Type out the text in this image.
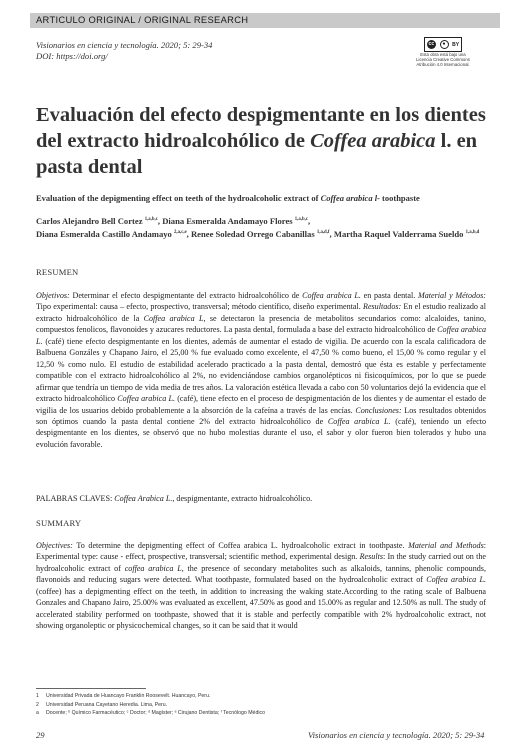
ARTICULO ORIGINAL / ORIGINAL RESEARCH
Visionarios en ciencia y tecnología. 2020; 5: 29-34
DOI: https://doi.org/
cc	●	BY
Esta obra está bajo una Licencia Creative Commons Atribución 4.0 Internacional.
Evaluación del efecto despigmentante en los dientes del extracto hidroalcohólico de Coffea arabica l. en pasta dental
Evaluation of the depigmenting effect on teeth of the hydroalcoholic extract of Coffea arabica l- toothpaste
Carlos Alejandro Bell Cortez $^{1,a,b,c}$, Diana Esmeralda Andamayo Flores $^{1,a,b,c}$,
Diana Esmeralda Castillo Andamayo $^{2,a,c,e}$, Renee Soledad Orrego Cabanillas $^{1,a,d,f}$, Martha Raquel Valderrama Sueldo $^{1,a,b,d}$
RESUMEN
Objetivos: Determinar el efecto despigmentante del extracto hidroalcohólico de Coffea arabica L. en pasta dental. Material y Métodos: Tipo experimental: causa – efecto, prospectivo, transversal; método científico, diseño experimental. Resultados: En el estudio realizado al extracto hidroalcohólico de la Coffea arabica L, se detectaron la presencia de metabolitos secundarios como: alcaloides, tanino, compuestos fenolicos, flavonoides y azucares reductores. La pasta dental, formulada a base del extracto hidroalcohólico de Coffea arabica L. (café) tiene efecto despigmentante en los dientes, además de aumentar el estado de vigilia. De acuerdo con la escala calificadora de Balbuena Gonzáles y Chapano Jairo, el 25,00 % fue evaluado como excelente, el 47,50 % como bueno, el 15,00 % como regular y el 12,50 % como nulo. El estudio de estabilidad acelerado practicado a la pasta dental, demostró que ésta es estable y perfectamente compatible con el extracto hidroalcohólico al 2%, no evidenciándose cambios organolépticos ni fisicoquímicos, por lo que se puede afirmar que tendría un tiempo de vida media de tres años. La valoración estética llevada a cabo con 50 voluntarios dejó la evidencia que el extracto hidroalcohólico Coffea arabica L. (café), tiene efecto en el proceso de despigmentación de los dientes y de aumentar el estado de vigilia de los usuarios debido probablemente a la absorción de la cafeína a través de las encías. Conclusiones: Los resultados obtenidos son óptimos cuando la pasta dental contiene 2% del extracto hidroalcohólico de Coffea arabica L. (café), teniendo un efecto despigmentante en los dientes, se observó que no hubo molestias durante el uso, el sabor y olor fueron bien tolerados y hubo una evolución favorable.
PALABRAS CLAVES: Coffea Arabica L., despigmentante, extracto hidroalcohólico.
SUMMARY
Objectives: To determine the depigmenting effect of Coffea arabica L. hydroalcoholic extract in toothpaste. Material and Methods: Experimental type: cause - effect, prospective, transversal; scientific method, experimental design. Results: In the study carried out on the hydroalcoholic extract of coffea arabica L, the presence of secondary metabolites such as alkaloids, tannins, phenolic compounds, flavonoids and reducing sugars were detected. What toothpaste, formulated based on the hydroalcoholic extract of Coffea arabica L. (coffee) has a depigmenting effect on the teeth, in addition to increasing the waking state.According to the rating scale of Balbuena Gonzales and Chapano Jairo, 25.00% was evaluated as excellent, 47.50% as good and 15.00% as regular and 12.50% as null. The study of accelerated stability performed on toothpaste, showed that it is stable and perfectly compatible with 2% hydroalcoholic extract, not showing organoleptic or physicochemical changes, so it can be said that it would
1	Universidad Privada de Huancayo Franklin Roosevelt. Huancayo, Peru.
2	Universidad Peruana Cayetano Heredia. Lima, Peru.
a	Docente; ᵇ Químico Farmacéutico; ᶜ Doctor; ᵈ Magíster; ᵉ Cirujano Dentista; ᶠ Tecnólogo Médico
29	Visionarios en ciencia y tecnología. 2020; 5: 29-34
